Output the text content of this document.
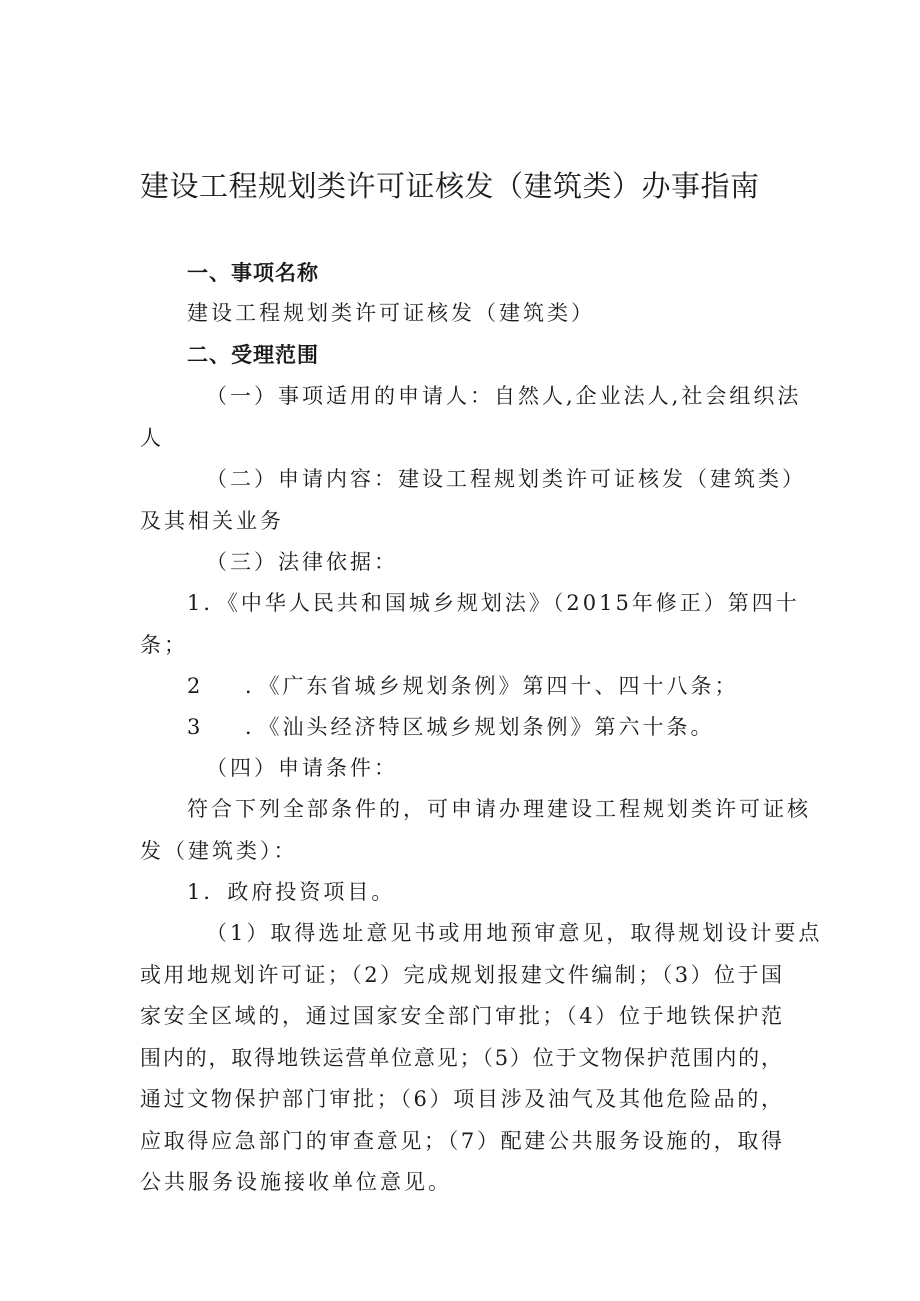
建设工程规划类许可证核发（建筑类）办事指南
一、事项名称
建设工程规划类许可证核发（建筑类）
二、受理范围
（一）事项适用的申请人：自然人,企业法人,社会组织法
人
（二）申请内容：建设工程规划类许可证核发（建筑类）
及其相关业务
（三）法律依据：
1．《中华人民共和国城乡规划法》（2015年修正）第四十
条；
2 ．《广东省城乡规划条例》第四十、四十八条；
3 ．《汕头经济特区城乡规划条例》第六十条。
（四）申请条件：
符合下列全部条件的，可申请办理建设工程规划类许可证核
发（建筑类）：
1．政府投资项目。
（1）取得选址意见书或用地预审意见，取得规划设计要点
或用地规划许可证；（2）完成规划报建文件编制；（3）位于国
家安全区域的，通过国家安全部门审批；（4）位于地铁保护范
围内的，取得地铁运营单位意见；（5）位于文物保护范围内的，
通过文物保护部门审批；（6）项目涉及油气及其他危险品的，
应取得应急部门的审查意见；（7）配建公共服务设施的，取得
公共服务设施接收单位意见。
